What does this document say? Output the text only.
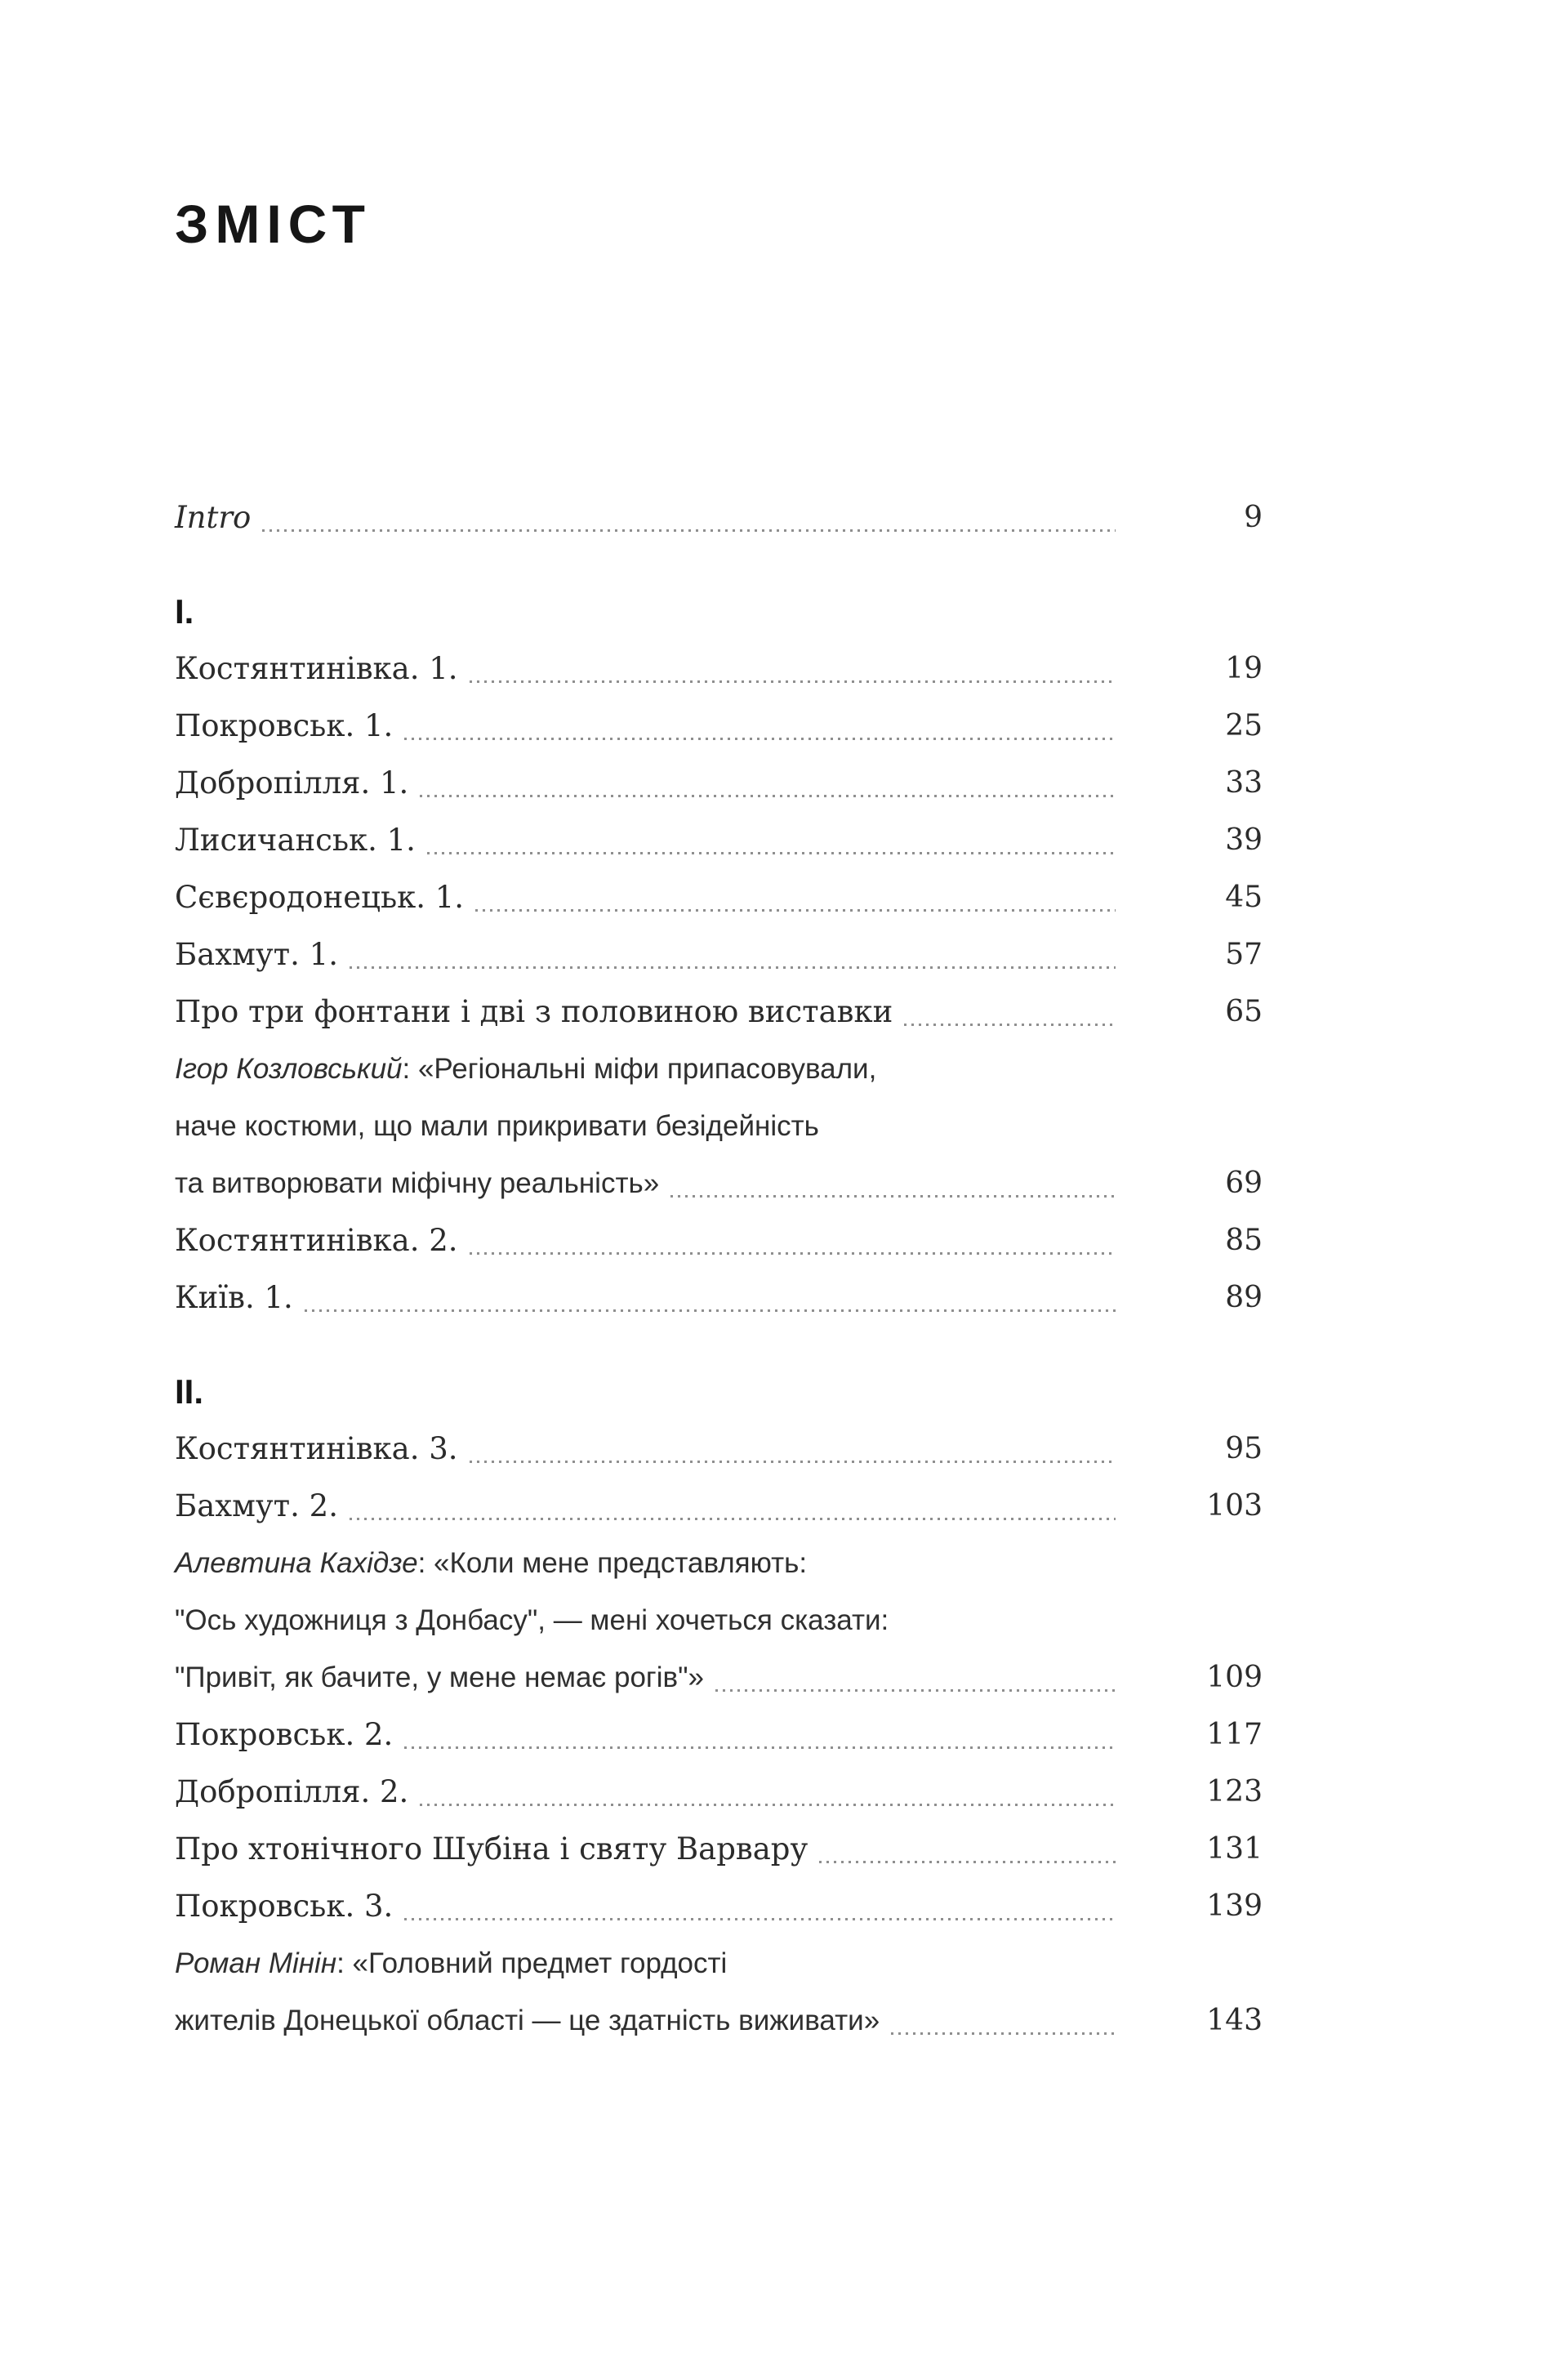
ЗМІСТ
Intro	9
I.
Костянтинівка. 1.	19
Покровськ. 1.	25
Добропілля. 1.	33
Лисичанськ. 1.	39
Сєвєродонецьк. 1.	45
Бахмут. 1.	57
Про три фонтани і дві з половиною виставки	65
Ігор Козловський: «Регіональні міфи припасовували,
наче костюми, що мали прикривати безідейність
та витворювати міфічну реальність»	69
Костянтинівка. 2.	85
Київ. 1.	89
II.
Костянтинівка. 3.	95
Бахмут. 2.	103
Алевтина Кахідзе: «Коли мене представляють:
"Ось художниця з Донбасу", — мені хочеться сказати:
"Привіт, як бачите, у мене немає рогів"»	109
Покровськ. 2.	117
Добропілля. 2.	123
Про хтонічного Шубіна і святу Варвару	131
Покровськ. 3.	139
Роман Мінін: «Головний предмет гордості
жителів Донецької області — це здатність виживати»	143
